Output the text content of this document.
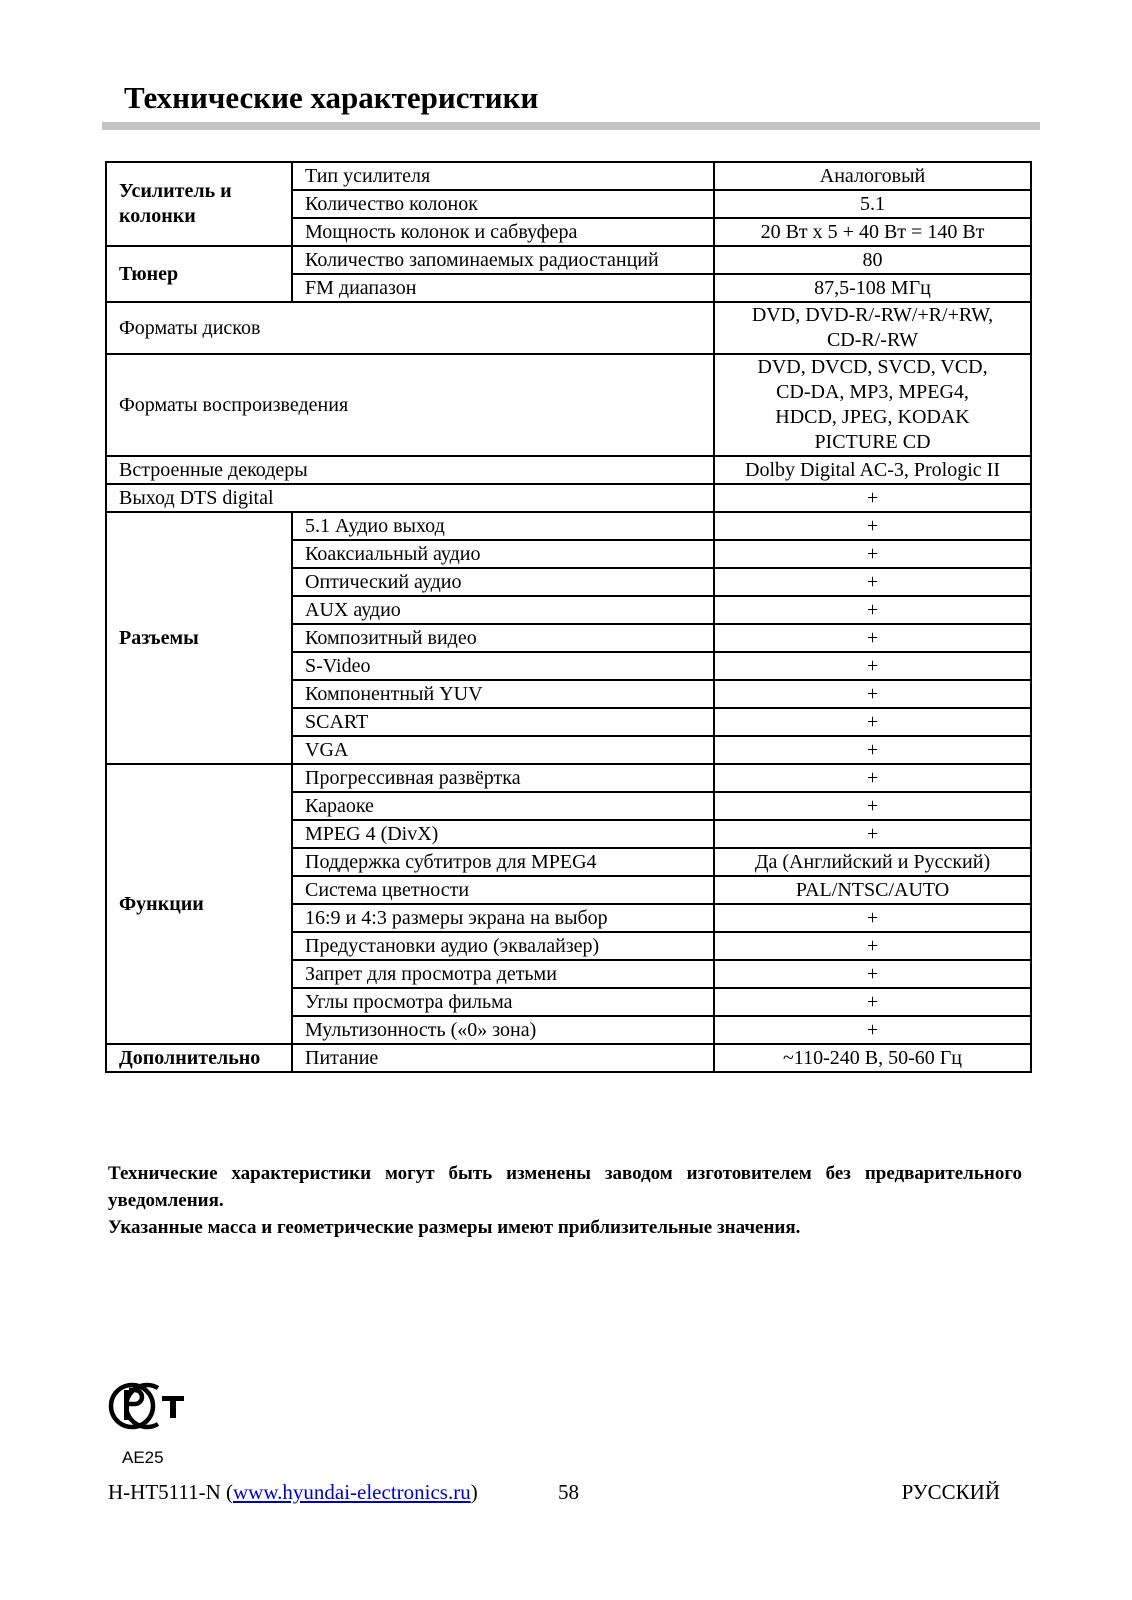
Технические характеристики
Усилитель и колонки	Тип усилителя	Аналоговый
	Количество колонок	5.1
	Мощность колонок и сабвуфера	20 Вт х 5 + 40 Вт = 140 Вт
Тюнер	Количество запоминаемых радиостанций	80
	FM диапазон	87,5-108 МГц
Форматы дисков		DVD, DVD-R/-RW/+R/+RW,
CD-R/-RW

Форматы воспроизведения		DVD, DVCD, SVCD, VCD,
CD-DA, MP3, MPEG4,
HDCD, JPEG, KODAK
PICTURE CD

Встроенные декодеры		Dolby Digital AC-3, Prologic II
Выход DTS digital		+
Разъемы	5.1 Аудио выход	+
	Коаксиальный аудио	+
	Оптический аудио	+
	AUX аудио	+
	Композитный видео	+
	S-Video	+
	Компонентный YUV	+
	SCART	+
	VGA	+
Функции	Прогрессивная развёртка	+
	Караоке	+
	MPEG 4 (DivX)	+
	Поддержка субтитров для MPEG4	Да (Английский и Русский)
	Система цветности	PAL/NTSC/AUTO
	16:9 и 4:3 размеры экрана на выбор	+
	Предустановки аудио (эквалайзер)	+
	Запрет для просмотра детьми	+
	Углы просмотра фильма	+
	Мультизонность («0» зона)	+
Дополнительно	Питание	~110-240 В, 50-60 Гц
Технические характеристики могут быть изменены заводом изготовителем без предварительного уведомления.
Указанные масса и геометрические размеры имеют приблизительные значения.
АЕ25
H-HT5111-N (www.hyundai-electronics.ru)	58	РУССКИЙ
